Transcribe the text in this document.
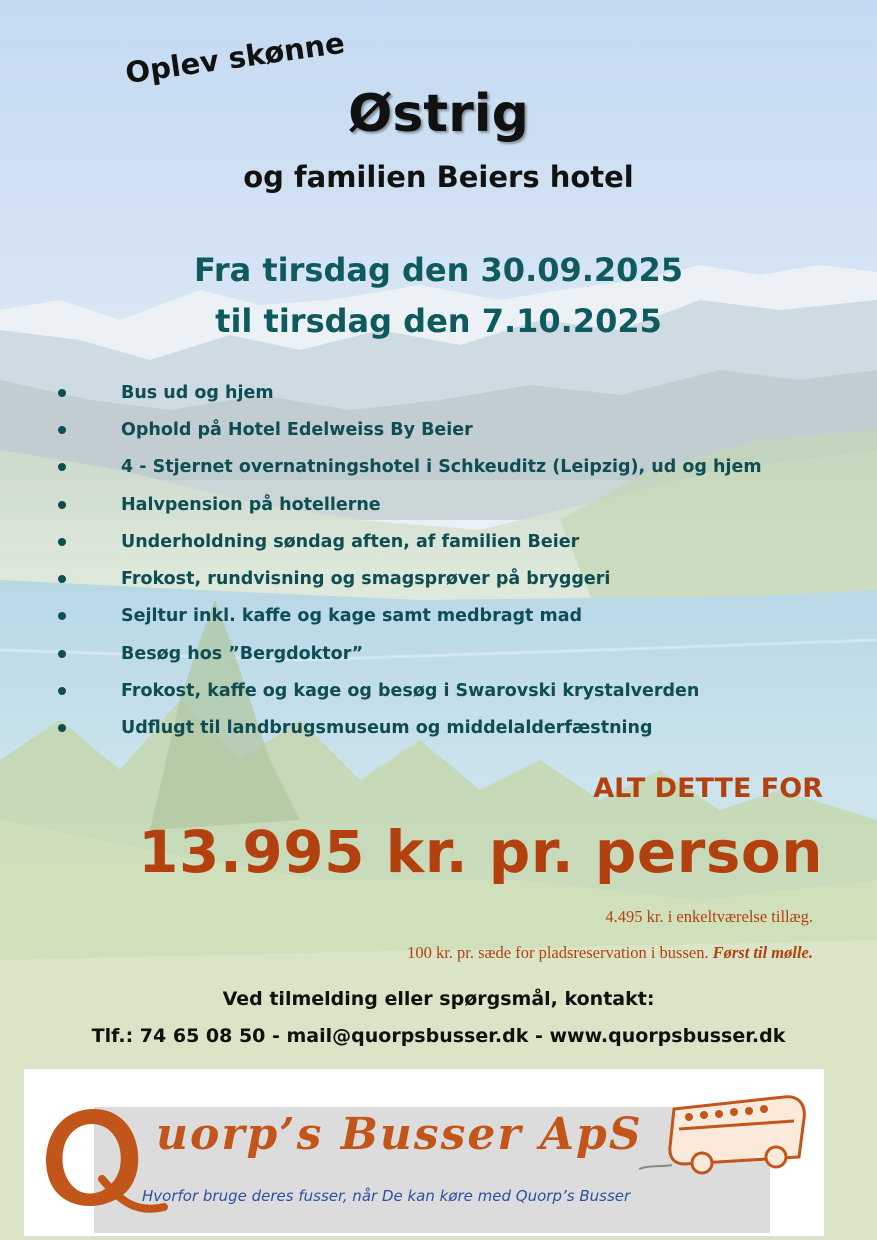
Oplev skønne
Østrig
og familien Beiers hotel
Fra tirsdag den 30.09.2025
til tirsdag den 7.10.2025
Bus ud og hjem
Ophold på Hotel Edelweiss By Beier
4 - Stjernet overnatningshotel i Schkeuditz (Leipzig), ud og hjem
Halvpension på hotellerne
Underholdning søndag aften, af familien Beier
Frokost, rundvisning og smagsprøver på bryggeri
Sejltur inkl. kaffe og kage samt medbragt mad
Besøg hos ”Bergdoktor”
Frokost, kaffe og kage og besøg i Swarovski krystalverden
Udflugt til landbrugsmuseum og middelalderfæstning
ALT DETTE FOR
13.995 kr. pr. person
4.495 kr. i enkeltværelse tillæg.
100 kr. pr. sæde for pladsreservation i bussen. Først til mølle.
Ved tilmelding eller spørgsmål, kontakt:
Tlf.: 74 65 08 50 - mail@quorpsbusser.dk - www.quorpsbusser.dk
uorp’s Busser ApS
Hvorfor bruge deres fusser, når De kan køre med Quorp’s Busser
